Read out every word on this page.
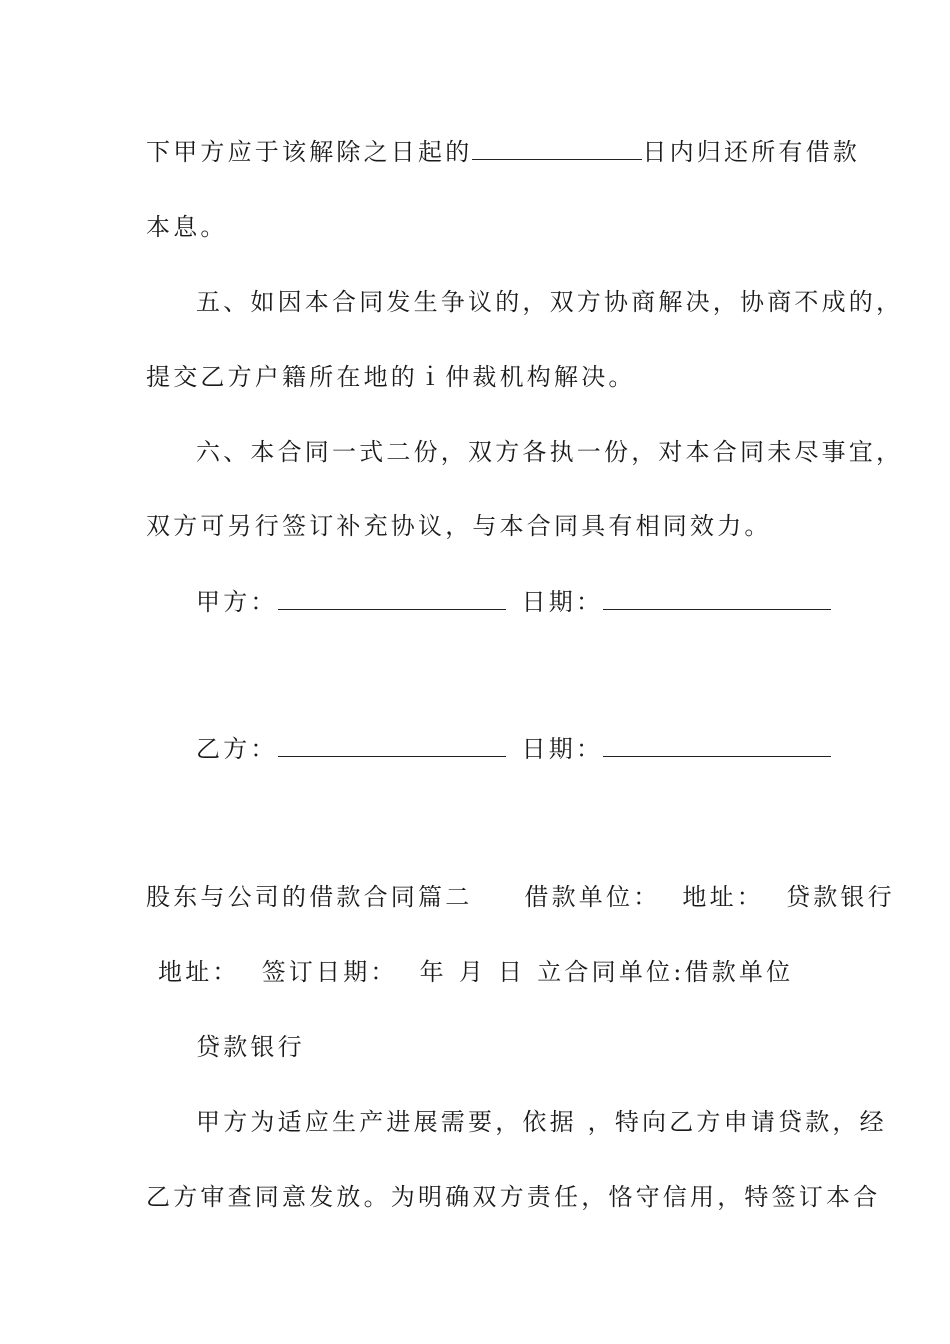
下甲方应于该解除之日起的	日内归还所有借款
本息。
五、如因本合同发生争议的，双方协商解决，协商不成的，
提交乙方户籍所在地的ｉ仲裁机构解决。
六、本合同一式二份，双方各执一份，对本合同未尽事宜，
双方可另行签订补充协议，与本合同具有相同效力。
甲方：	日期：
乙方：	日期：
股东与公司的借款合同篇二 借款单位： 地址： 贷款银行
地址： 签订日期： 年 月 日 立合同单位:借款单位
贷款银行
甲方为适应生产进展需要，依据 ，特向乙方申请贷款，经
乙方审查同意发放。为明确双方责任，恪守信用，特签订本合
